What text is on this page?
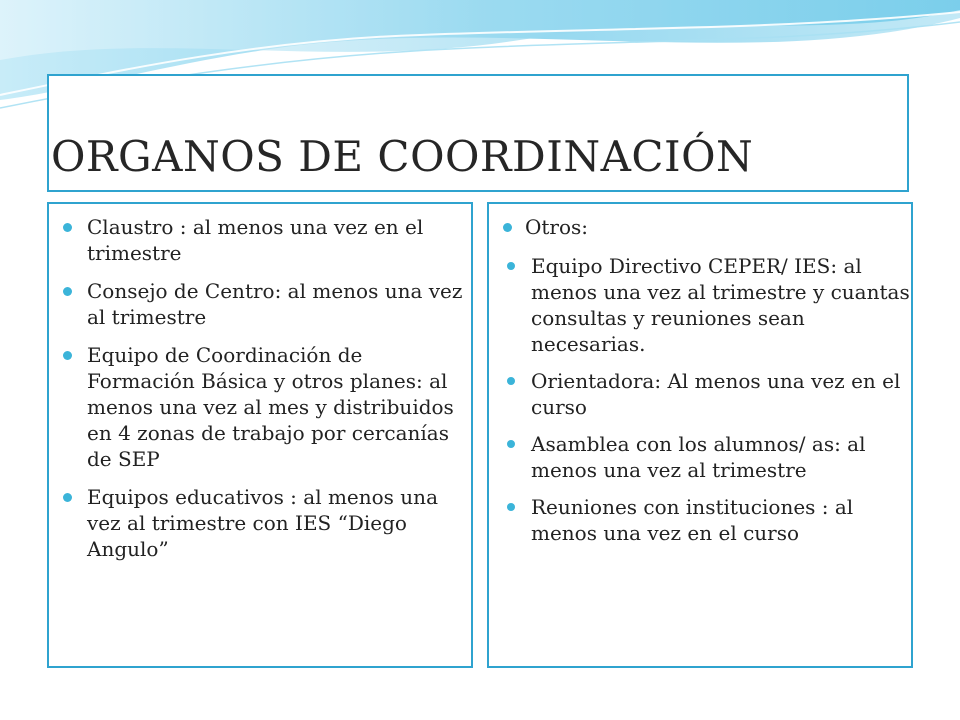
ORGANOS DE COORDINACIÓN
Claustro : al menos una vez en el trimestre
Consejo de Centro: al menos una vez al trimestre
Equipo de Coordinación de Formación Básica y otros planes: al menos una vez al mes y distribuidos en 4 zonas de trabajo por cercanías de SEP
Equipos educativos : al menos una vez al trimestre con IES “Diego Angulo”
Otros:
Equipo Directivo CEPER/ IES: al menos una vez al trimestre y cuantas consultas y reuniones sean necesarias.
Orientadora: Al menos una vez en el curso
Asamblea con los alumnos/ as: al menos una vez al trimestre
Reuniones con instituciones : al menos una vez en el curso
